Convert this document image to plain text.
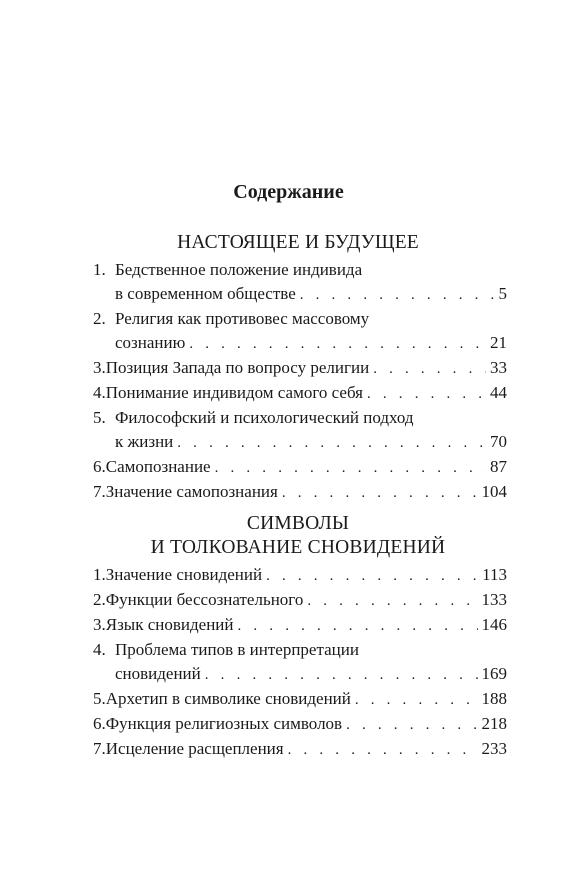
Содержание
НАСТОЯЩЕЕ И БУДУЩЕЕ
1. Бедственное положение индивида
в современном обществе . . .	5
2. Религия как противовес массовому
сознанию . . .	21
3. Позиция Запада по вопросу религии . . .	33
4. Понимание индивидом самого себя . . .	44
5. Философский и психологический подход
к жизни . . .	70
6. Самопознание . . .	87
7. Значение самопознания . . .	104
СИМВОЛЫ
И ТОЛКОВАНИЕ СНОВИДЕНИЙ
1. Значение сновидений . . .	113
2. Функции бессознательного . . .	133
3. Язык сновидений . . .	146
4. Проблема типов в интерпретации
сновидений . . .	169
5. Архетип в символике сновидений . . .	188
6. Функция религиозных символов . . .	218
7. Исцеление расщепления . . .	233
